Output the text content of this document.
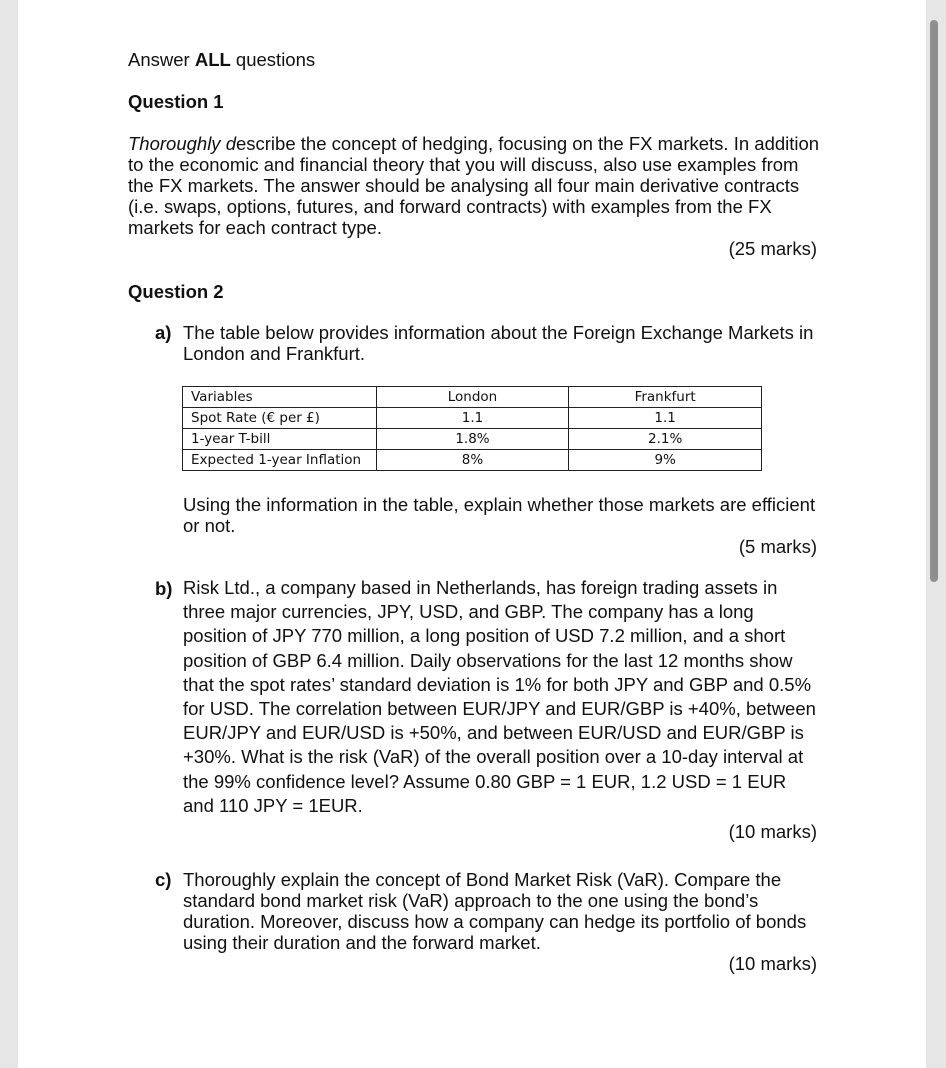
Answer ALL questions
Question 1
Thoroughly describe the concept of hedging, focusing on the FX markets. In addition
to the economic and financial theory that you will discuss, also use examples from
the FX markets. The answer should be analysing all four main derivative contracts
(i.e. swaps, options, futures, and forward contracts) with examples from the FX
markets for each contract type.
(25 marks)
Question 2
a) The table below provides information about the Foreign Exchange Markets in
London and Frankfurt.
Variables	London	Frankfurt
Spot Rate (€ per £)	1.1	1.1
1-year T-bill	1.8%	2.1%
Expected 1-year Inflation	8%	9%
Using the information in the table, explain whether those markets are efficient
or not.
(5 marks)
b) Risk Ltd., a company based in Netherlands, has foreign trading assets in
three major currencies, JPY, USD, and GBP. The company has a long
position of JPY 770 million, a long position of USD 7.2 million, and a short
position of GBP 6.4 million. Daily observations for the last 12 months show
that the spot rates’ standard deviation is 1% for both JPY and GBP and 0.5%
for USD. The correlation between EUR/JPY and EUR/GBP is +40%, between
EUR/JPY and EUR/USD is +50%, and between EUR/USD and EUR/GBP is
+30%. What is the risk (VaR) of the overall position over a 10-day interval at
the 99% confidence level? Assume 0.80 GBP = 1 EUR, 1.2 USD = 1 EUR
and 110 JPY = 1EUR.
(10 marks)
c) Thoroughly explain the concept of Bond Market Risk (VaR). Compare the
standard bond market risk (VaR) approach to the one using the bond’s
duration. Moreover, discuss how a company can hedge its portfolio of bonds
using their duration and the forward market.
(10 marks)
